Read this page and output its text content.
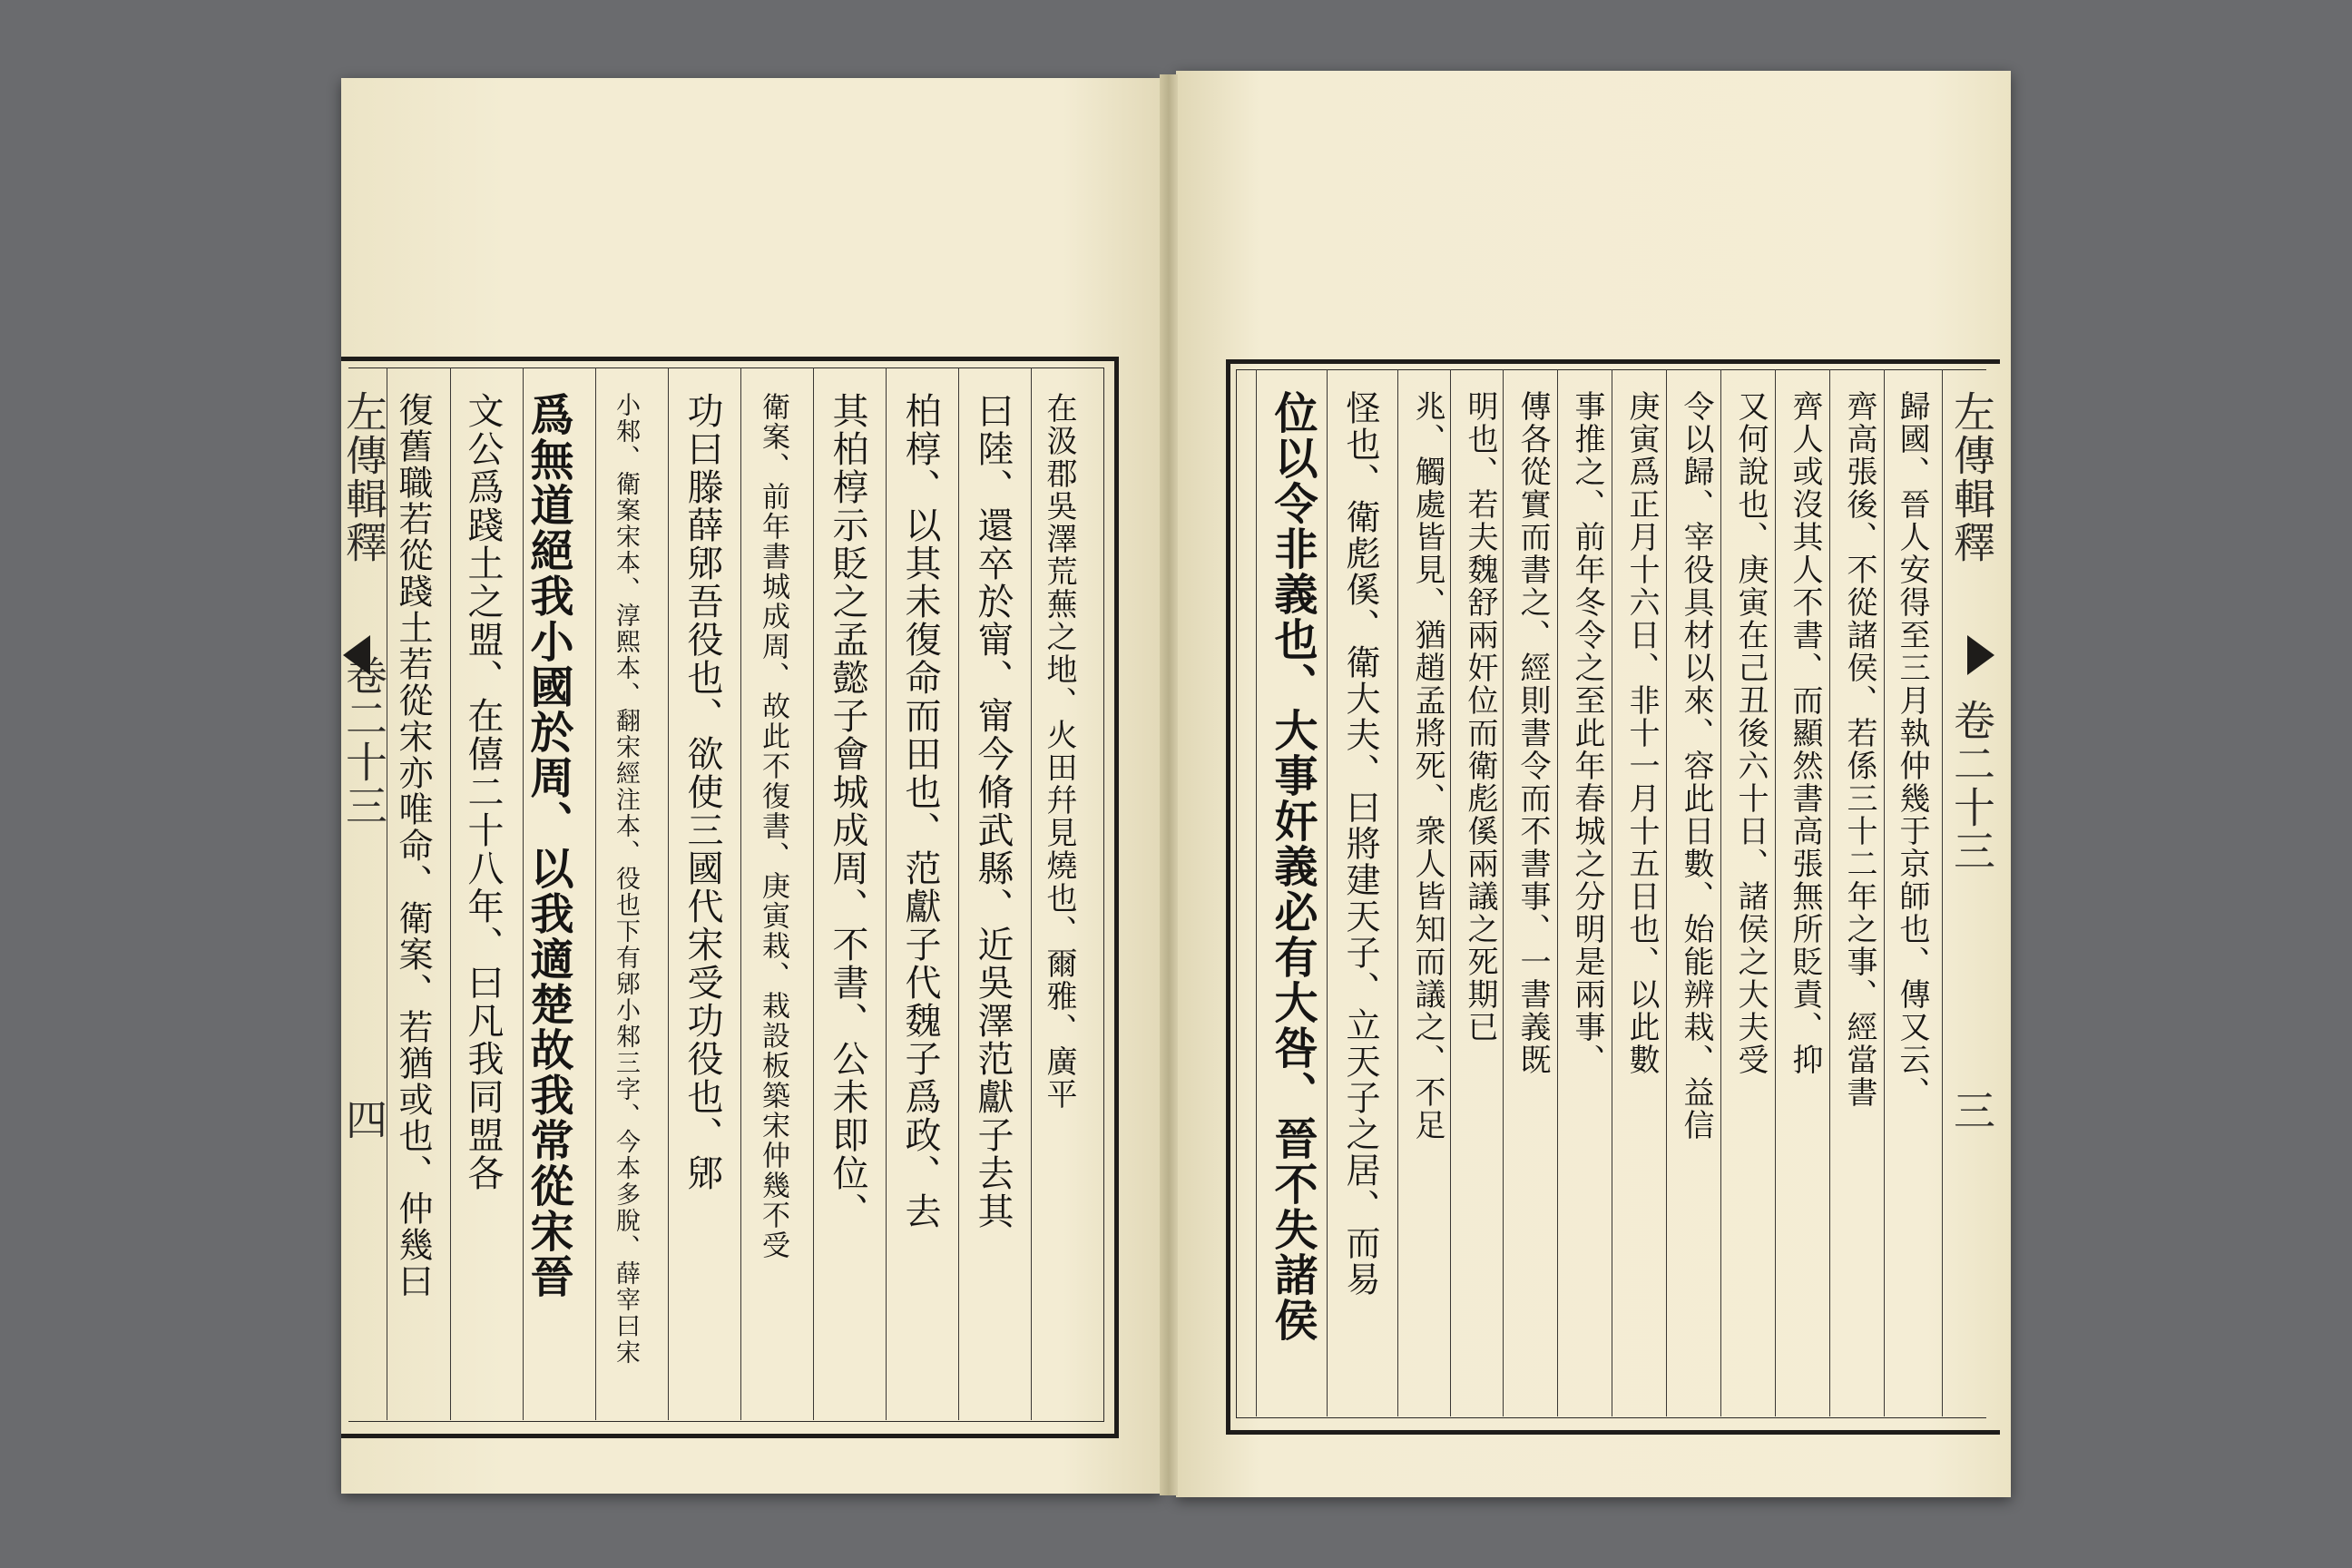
左傳輯釋
卷二十三
四
在汲郡吳澤荒蕪之地、火田幷見燒也、爾雅、廣平
曰陸、還卒於甯、甯今脩武縣、近吳澤范獻子去其
柏椁、以其未復命而田也、范獻子代魏子爲政、去
其柏椁示貶之孟懿子會城成周、不書、公未即位、
衛案、前年書城成周、故此不復書、庚寅栽、栽設板築宋仲幾不受
功曰滕薛郳吾役也、欲使三國代宋受功役也、郳
小邾、衛案宋本、淳熙本、翻宋經注本、役也下有郳小邾三字、今本多脫、薛宰曰宋
爲無道絕我小國於周、以我適楚故我常從宋晉
文公爲踐土之盟、在僖二十八年、曰凡我同盟各
復舊職若從踐土若從宋亦唯命、衛案、若猶或也、仲幾曰	左傳輯釋
卷二十三
三
歸國、晉人安得至三月執仲幾于京師也、傳又云、
齊高張後、不從諸侯、若係三十二年之事、經當書
齊人或沒其人不書、而顯然書高張無所貶責、抑
又何說也、庚寅在己丑後六十日、諸侯之大夫受
令以歸、宰役具材以來、容此日數、始能辨栽、益信
庚寅爲正月十六日、非十一月十五日也、以此數
事推之、前年冬令之至此年春城之分明是兩事、
傳各從實而書之、經則書令而不書事、一書義既
明也、若夫魏舒兩奸位而衛彪傒兩議之死期已
兆、觸處皆見、猶趙孟將死、衆人皆知而議之、不足
怪也、衛彪傒、衛大夫、曰將建天子、立天子之居、而易
位以令非義也、大事奸義必有大咎、晉不失諸侯
